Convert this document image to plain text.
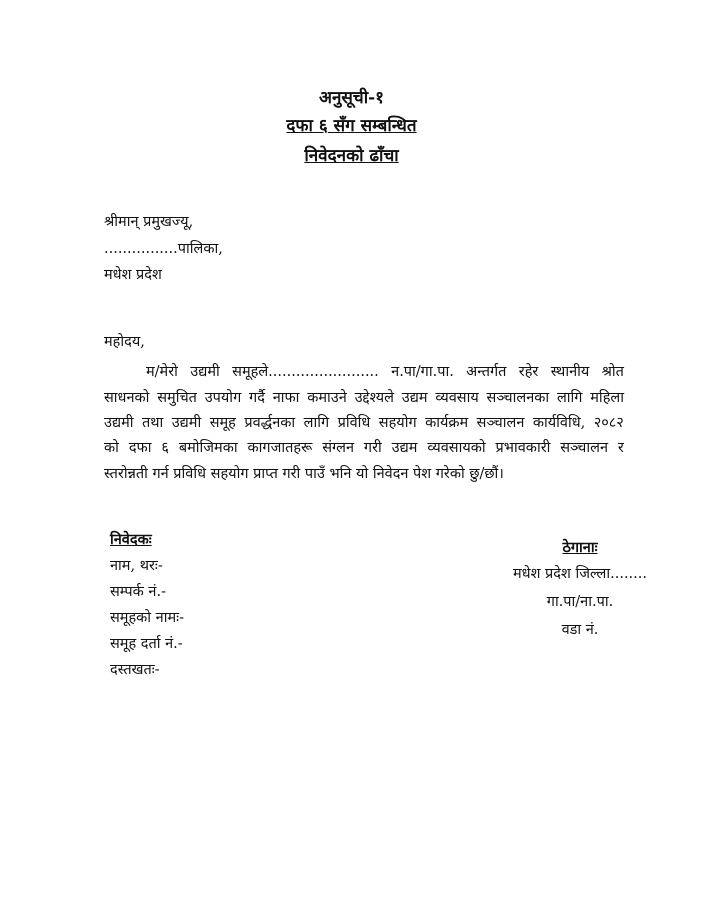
अनुसूची-१
दफा ६ सँग सम्बन्धित
निवेदनको ढाँचा
श्रीमान् प्रमुखज्यू,
................पालिका,
मधेश प्रदेश
महोदय,
म/मेरो उद्यमी समूहले........................ न.पा/गा.पा. अन्तर्गत रहेर स्थानीय श्रोत
साधनको समुचित उपयोग गर्दै नाफा कमाउने उद्देश्यले उद्यम व्यवसाय सञ्चालनका लागि महिला
उद्यमी तथा उद्यमी समूह प्रवर्द्धनका लागि प्रविधि सहयोग कार्यक्रम सञ्चालन कार्यविधि, २०८२
को दफा ६ बमोजिमका कागजातहरू संग्लन गरी उद्यम व्यवसायको प्रभावकारी सञ्चालन र
स्तरोन्नती गर्न प्रविधि सहयोग प्राप्त गरी पाउँ भनि यो निवेदन पेश गरेको छु/छौं।
निवेदकः
नाम, थरः-
सम्पर्क नं.-
समूहको नामः-
समूह दर्ता नं.-
दस्तखतः-
ठेगानाः
मधेश प्रदेश जिल्ला........
गा.पा/ना.पा.
वडा नं.
